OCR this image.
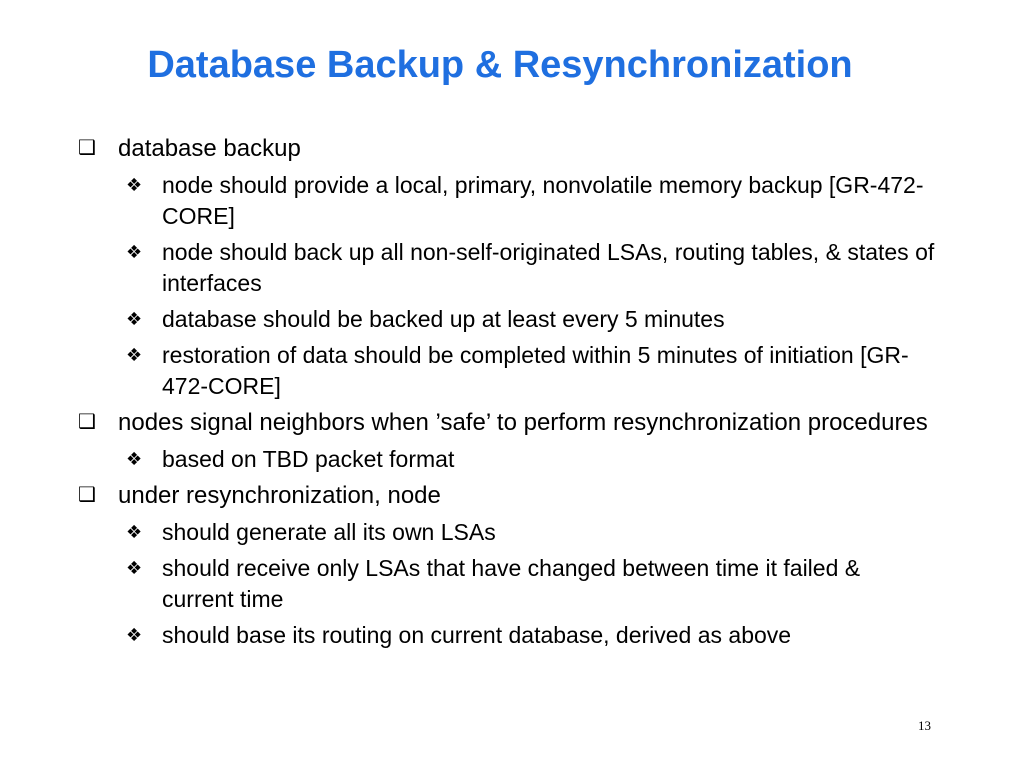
Database Backup & Resynchronization
❑ database backup
❖ node should provide a local, primary, nonvolatile memory backup [GR-472-CORE]
❖ node should back up all non-self-originated LSAs, routing tables, & states of interfaces
❖ database should be backed up at least every 5 minutes
❖ restoration of data should be completed within 5 minutes of initiation [GR-472-CORE]
❑ nodes signal neighbors when ’safe’ to perform resynchronization procedures
❖ based on TBD packet format
❑ under resynchronization, node
❖ should generate all its own LSAs
❖ should receive only LSAs that have changed between time it failed & current time
❖ should base its routing on current database, derived as above
13
